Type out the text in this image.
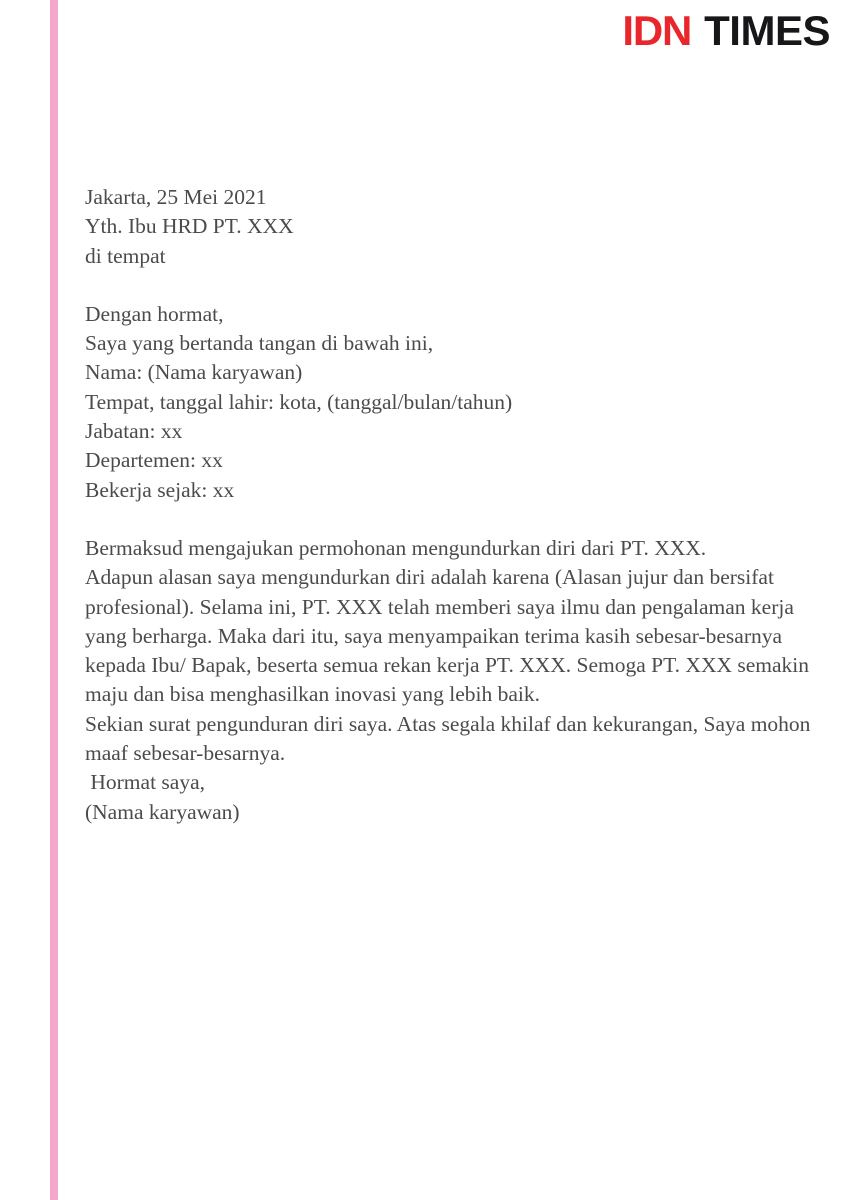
IDN TIMES
Jakarta, 25 Mei 2021
Yth. Ibu HRD PT. XXX
di tempat
Dengan hormat,
Saya yang bertanda tangan di bawah ini,
Nama: (Nama karyawan)
Tempat, tanggal lahir: kota, (tanggal/bulan/tahun)
Jabatan: xx
Departemen: xx
Bekerja sejak: xx

Bermaksud mengajukan permohonan mengundurkan diri dari PT. XXX.

Adapun alasan saya mengundurkan diri adalah karena (Alasan jujur dan bersifat profesional). Selama ini, PT. XXX telah memberi saya ilmu dan pengalaman kerja yang berharga. Maka dari itu, saya menyampaikan terima kasih sebesar-besarnya kepada Ibu/ Bapak, beserta semua rekan kerja PT. XXX. Semoga PT. XXX semakin maju dan bisa menghasilkan inovasi yang lebih baik.

Sekian surat pengunduran diri saya. Atas segala khilaf dan kekurangan, Saya mohon maaf sebesar-besarnya.

Hormat saya,

(Nama karyawan)
